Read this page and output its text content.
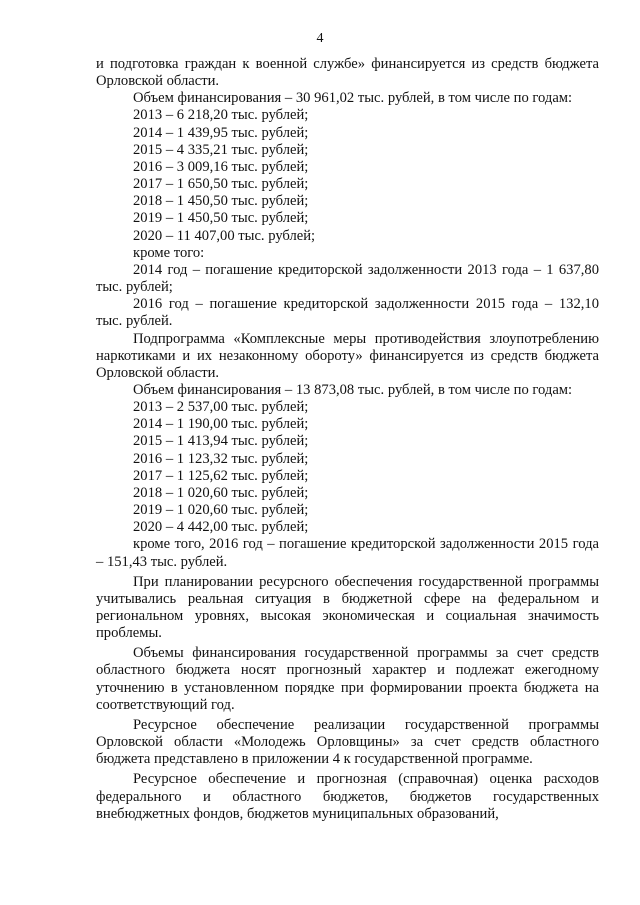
4

и подготовка граждан к военной службе» финансируется из средств бюджета Орловской области.

Объем финансирования – 30 961,02 тыс. рублей, в том числе по годам:

2013 – 6 218,20 тыс. рублей;

2014 – 1 439,95 тыс. рублей;

2015 – 4 335,21 тыс. рублей;

2016 – 3 009,16 тыс. рублей;

2017 – 1 650,50 тыс. рублей;

2018 – 1 450,50 тыс. рублей;

2019 – 1 450,50 тыс. рублей;

2020 – 11 407,00 тыс. рублей;

кроме того:

2014 год – погашение кредиторской задолженности 2013 года – 1 637,80 тыс. рублей;

2016 год – погашение кредиторской задолженности 2015 года – 132,10 тыс. рублей.

Подпрограмма «Комплексные меры противодействия злоупотреблению наркотиками и их незаконному обороту» финансируется из средств бюджета Орловской области.

Объем финансирования – 13 873,08 тыс. рублей, в том числе по годам:

2013 – 2 537,00 тыс. рублей;

2014 – 1 190,00 тыс. рублей;

2015 – 1 413,94 тыс. рублей;

2016 – 1 123,32 тыс. рублей;

2017 – 1 125,62 тыс. рублей;

2018 – 1 020,60 тыс. рублей;

2019 – 1 020,60 тыс. рублей;

2020 – 4 442,00 тыс. рублей;

кроме того, 2016 год – погашение кредиторской задолженности 2015 года – 151,43 тыс. рублей.

При планировании ресурсного обеспечения государственной программы учитывались реальная ситуация в бюджетной сфере на федеральном и региональном уровнях, высокая экономическая и социальная значимость проблемы.

Объемы финансирования государственной программы за счет средств областного бюджета носят прогнозный характер и подлежат ежегодному уточнению в установленном порядке при формировании проекта бюджета на соответствующий год.

Ресурсное обеспечение реализации государственной программы Орловской области «Молодежь Орловщины» за счет средств областного бюджета представлено в приложении 4 к государственной программе.

Ресурсное обеспечение и прогнозная (справочная) оценка расходов федерального и областного бюджетов, бюджетов государственных внебюджетных фондов, бюджетов муниципальных образований,
